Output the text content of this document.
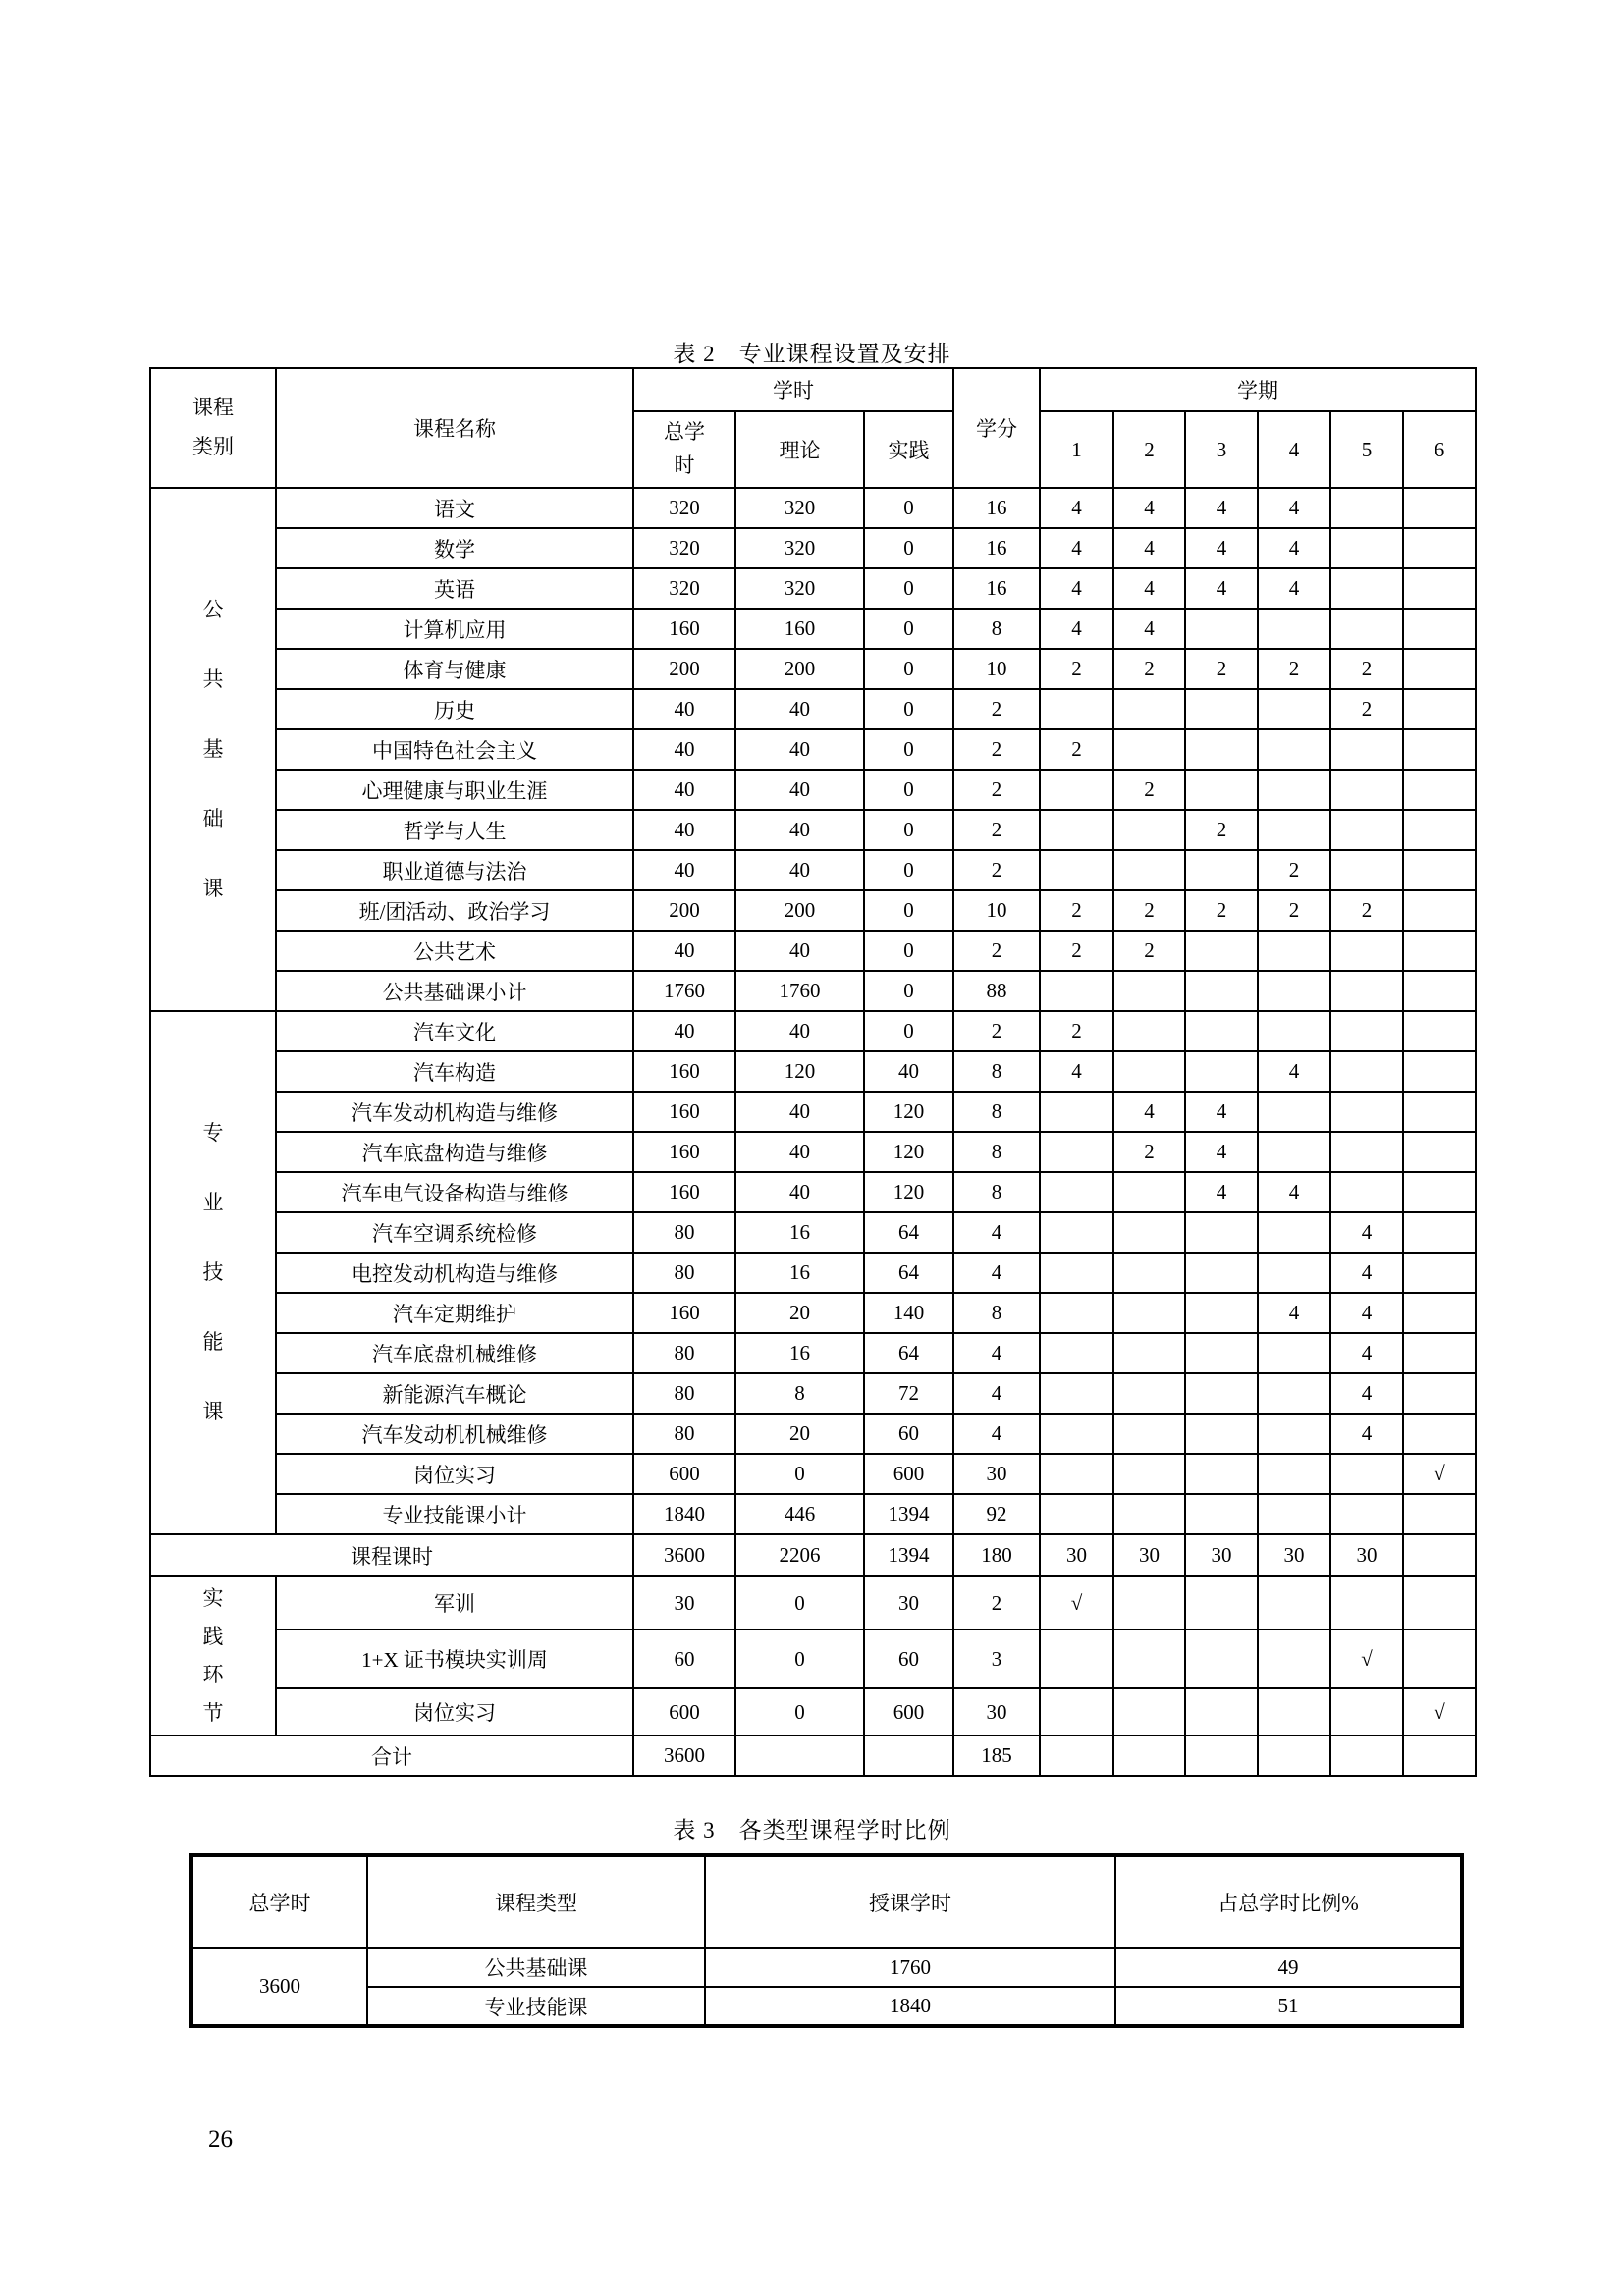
表 2　专业课程设置及安排
课程类别	课程名称	学时			学分	学期					
		总学时	理论	实践		1	2	3	4	5	6
公共基础课	语文	320	320	0	16	4	4	4	4		
	数学	320	320	0	16	4	4	4	4		
	英语	320	320	0	16	4	4	4	4		
	计算机应用	160	160	0	8	4	4				
	体育与健康	200	200	0	10	2	2	2	2	2	
	历史	40	40	0	2					2	
	中国特色社会主义	40	40	0	2	2					
	心理健康与职业生涯	40	40	0	2		2				
	哲学与人生	40	40	0	2			2			
	职业道德与法治	40	40	0	2				2		
	班/团活动、政治学习	200	200	0	10	2	2	2	2	2	
	公共艺术	40	40	0	2	2	2				
	公共基础课小计	1760	1760	0	88						
专业技能课	汽车文化	40	40	0	2	2					
	汽车构造	160	120	40	8	4			4		
	汽车发动机构造与维修	160	40	120	8		4	4			
	汽车底盘构造与维修	160	40	120	8		2	4			
	汽车电气设备构造与维修	160	40	120	8			4	4		
	汽车空调系统检修	80	16	64	4					4	
	电控发动机构造与维修	80	16	64	4					4	
	汽车定期维护	160	20	140	8				4	4	
	汽车底盘机械维修	80	16	64	4					4	
	新能源汽车概论	80	8	72	4					4	
	汽车发动机机械维修	80	20	60	4					4	
	岗位实习	600	0	600	30						√
	专业技能课小计	1840	446	1394	92						
课程课时		3600	2206	1394	180	30	30	30	30	30	
实践环节	军训	30	0	30	2	√					
	1+X 证书模块实训周	60	0	60	3					√	
	岗位实习	600	0	600	30						√
合计		3600			185						
表 3　各类型课程学时比例
总学时	课程类型	授课学时	占总学时比例%
3600	公共基础课	1760	49
	专业技能课	1840	51
26
